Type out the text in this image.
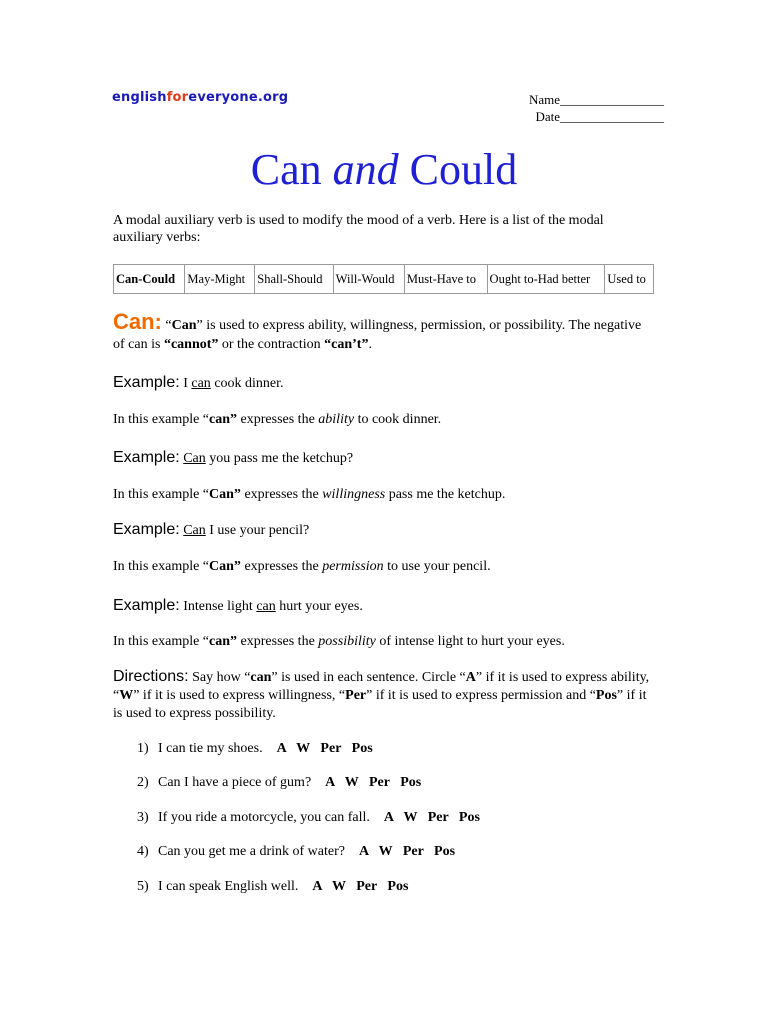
englishforeveryone.org	Name________________
Date________________
Can and Could
A modal auxiliary verb is used to modify the mood of a verb. Here is a list of the modal auxiliary verbs:
Can-Could	May-Might	Shall-Should	Will-Would	Must-Have to	Ought to-Had better	Used to
Can: “Can” is used to express ability, willingness, permission, or possibility. The negative of can is “cannot” or the contraction “can’t”.
Example: I can cook dinner.
In this example “can” expresses the ability to cook dinner.
Example: Can you pass me the ketchup?
In this example “Can” expresses the willingness pass me the ketchup.
Example: Can I use your pencil?
In this example “Can” expresses the permission to use your pencil.
Example: Intense light can hurt your eyes.
In this example “can” expresses the possibility of intense light to hurt your eyes.
Directions: Say how “can” is used in each sentence. Circle “A” if it is used to express ability, “W” if it is used to express willingness, “Per” if it is used to express permission and “Pos” if it is used to express possibility.
1) I can tie my shoes. A   W   Per   Pos
2) Can I have a piece of gum? A   W   Per   Pos
3) If you ride a motorcycle, you can fall. A   W   Per   Pos
4) Can you get me a drink of water? A   W   Per   Pos
5) I can speak English well. A   W   Per   Pos
